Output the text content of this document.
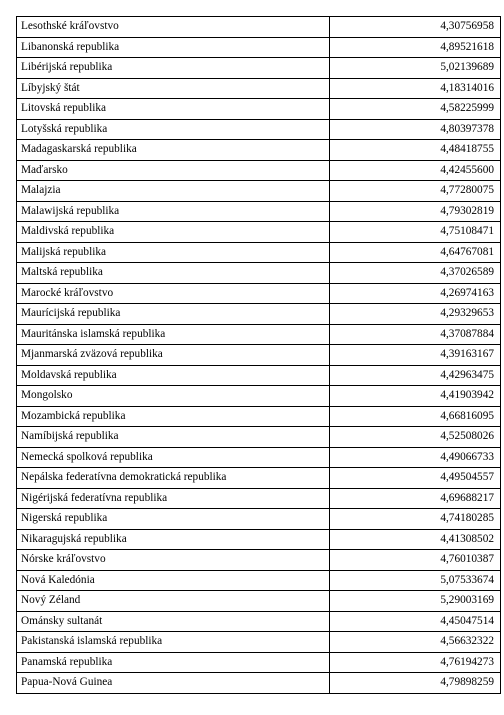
Lesothské kráľovstvo	4,30756958
Libanonská republika	4,89521618
Libérijská republika	5,02139689
Líbyjský štát	4,18314016
Litovská republika	4,58225999
Lotyšská republika	4,80397378
Madagaskarská republika	4,48418755
Maďarsko	4,42455600
Malajzia	4,77280075
Malawijská republika	4,79302819
Maldivská republika	4,75108471
Malijská republika	4,64767081
Maltská republika	4,37026589
Marocké kráľovstvo	4,26974163
Maurícijská republika	4,29329653
Mauritánska islamská republika	4,37087884
Mjanmarská zväzová republika	4,39163167
Moldavská republika	4,42963475
Mongolsko	4,41903942
Mozambická republika	4,66816095
Namíbijská republika	4,52508026
Nemecká spolková republika	4,49066733
Nepálska federatívna demokratická republika	4,49504557
Nigérijská federatívna republika	4,69688217
Nigerská republika	4,74180285
Nikaragujská republika	4,41308502
Nórske kráľovstvo	4,76010387
Nová Kaledónia	5,07533674
Nový Zéland	5,29003169
Ománsky sultanát	4,45047514
Pakistanská islamská republika	4,56632322
Panamská republika	4,76194273
Papua-Nová Guinea	4,79898259
